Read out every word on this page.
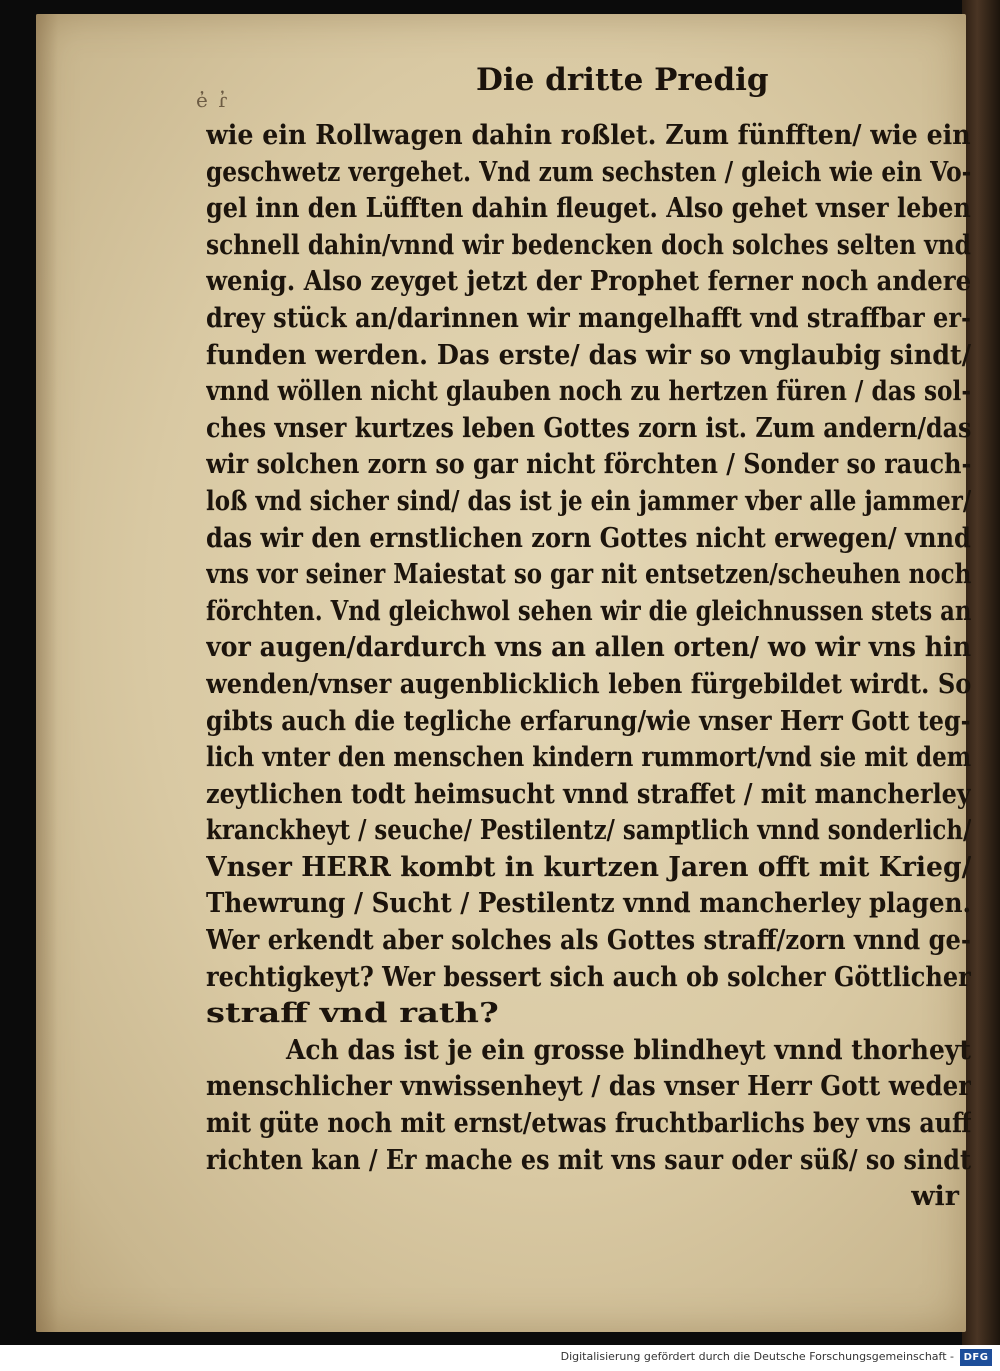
e̓ ɾ̓
Die dritte Predig
wie ein Rollwagen dahin roßlet. Zum fünfften/ wie ein
geschwetz vergehet. Vnd zum sechsten / gleich wie ein Vo-
gel inn den Lüfften dahin fleuget. Also gehet vnser leben
schnell dahin/vnnd wir bedencken doch solches selten vnd
wenig. Also zeyget jetzt der Prophet ferner noch andere
drey stück an/darinnen wir mangelhafft vnd straffbar er-
funden werden. Das erste/ das wir so vnglaubig sindt/
vnnd wöllen nicht glauben noch zu hertzen füren / das sol-
ches vnser kurtzes leben Gottes zorn ist. Zum andern/das
wir solchen zorn so gar nicht förchten / Sonder so rauch-
loß vnd sicher sind/ das ist je ein jammer vber alle jammer/
das wir den ernstlichen zorn Gottes nicht erwegen/ vnnd
vns vor seiner Maiestat so gar nit entsetzen/scheuhen noch
förchten. Vnd gleichwol sehen wir die gleichnussen stets an
vor augen/dardurch vns an allen orten/ wo wir vns hin
wenden/vnser augenblicklich leben fürgebildet wirdt. So
gibts auch die tegliche erfarung/wie vnser Herr Gott teg-
lich vnter den menschen kindern rummort/vnd sie mit dem
zeytlichen todt heimsucht vnnd straffet / mit mancherley
kranckheyt / seuche/ Pestilentz/ samptlich vnnd sonderlich/
Vnser HERR kombt in kurtzen Jaren offt mit Krieg/
Thewrung / Sucht / Pestilentz vnnd mancherley plagen.
Wer erkendt aber solches als Gottes straff/zorn vnnd ge-
rechtigkeyt? Wer bessert sich auch ob solcher Göttlicher
straff vnd rath?
Ach das ist je ein grosse blindheyt vnnd thorheyt
menschlicher vnwissenheyt / das vnser Herr Gott weder
mit güte noch mit ernst/etwas fruchtbarlichs bey vns auff
richten kan / Er mache es mit vns saur oder süß/ so sindt
wir
Digitalisierung gefördert durch die Deutsche Forschungsgemeinschaft - DFG
